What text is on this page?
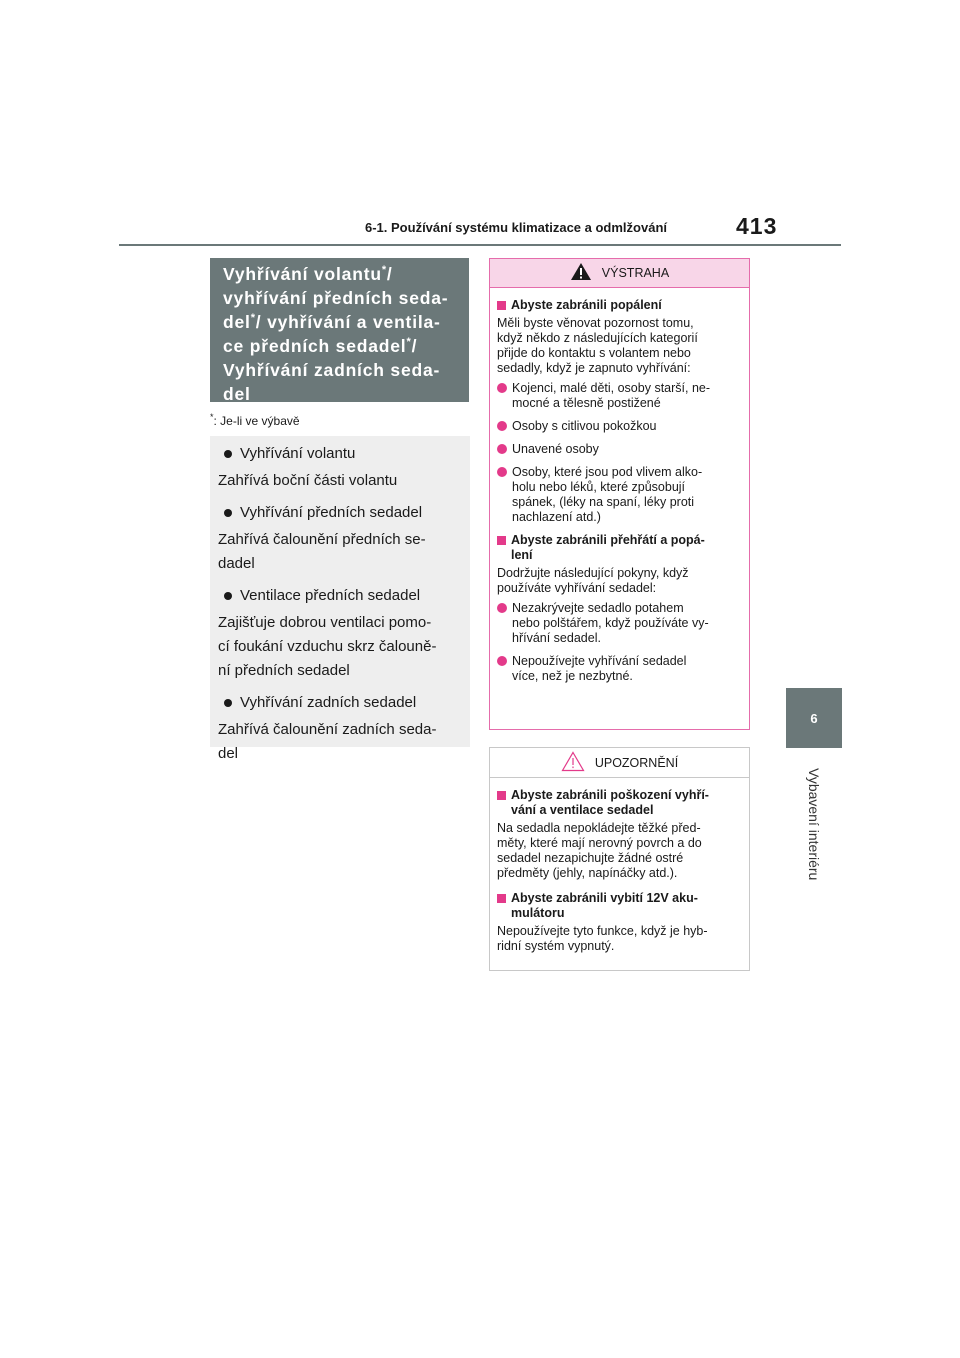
6-1. Používání systému klimatizace a odmlžování	413
6
Vybavení interiéru
Vyhřívání volantu*/
vyhřívání předních seda-
del*/ vyhřívání a ventila-
ce předních sedadel*/
Vyhřívání zadních seda-
del
*: Je-li ve výbavě
Vyhřívání volantu
Zahřívá boční části volantu
Vyhřívání předních sedadel
Zahřívá čalounění předních se-
dadel
Ventilace předních sedadel
Zajišťuje dobrou ventilaci pomo-
cí foukání vzduchu skrz čalouně-
ní předních sedadel
Vyhřívání zadních sedadel
Zahřívá čalounění zadních seda-
del
VÝSTRAHA
Abyste zabránili popálení
Měli byste věnovat pozornost tomu,
když někdo z následujících kategorií
přijde do kontaktu s volantem nebo
sedadly, když je zapnuto vyhřívání:
Kojenci, malé děti, osoby starší, ne-
mocné a tělesně postižené
Osoby s citlivou pokožkou
Unavené osoby
Osoby, které jsou pod vlivem alko-
holu nebo léků, které způsobují
spánek, (léky na spaní, léky proti
nachlazení atd.)
Abyste zabránili přehřátí a popá-
lení
Dodržujte následující pokyny, když
používáte vyhřívání sedadel:
Nezakrývejte sedadlo potahem
nebo polštářem, když používáte vy-
hřívání sedadel.
Nepoužívejte vyhřívání sedadel
více, než je nezbytné.
UPOZORNĚNÍ
Abyste zabránili poškození vyhří-
vání a ventilace sedadel
Na sedadla nepokládejte těžké před-
měty, které mají nerovný povrch a do
sedadel nezapichujte žádné ostré
předměty (jehly, napínáčky atd.).
Abyste zabránili vybití 12V aku-
mulátoru
Nepoužívejte tyto funkce, když je hyb-
ridní systém vypnutý.
